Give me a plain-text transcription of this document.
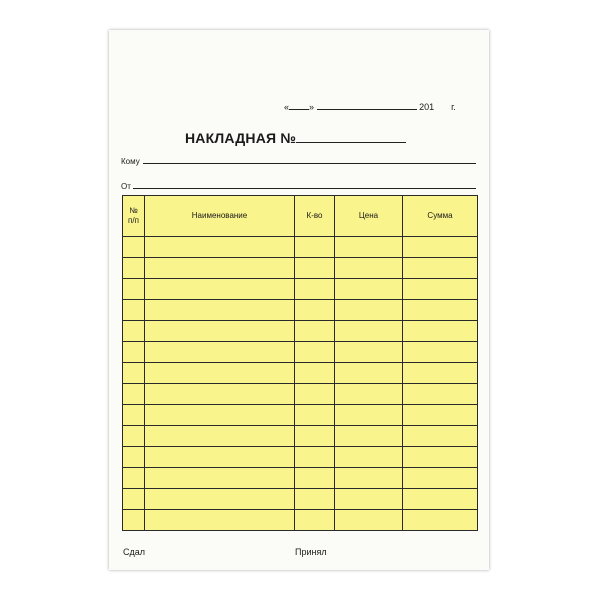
« »	201 г.
НАКЛАДНАЯ №
Кому
От
№
п/п	Наименование	К-во	Цена	Сумма

Сдал	Принял
